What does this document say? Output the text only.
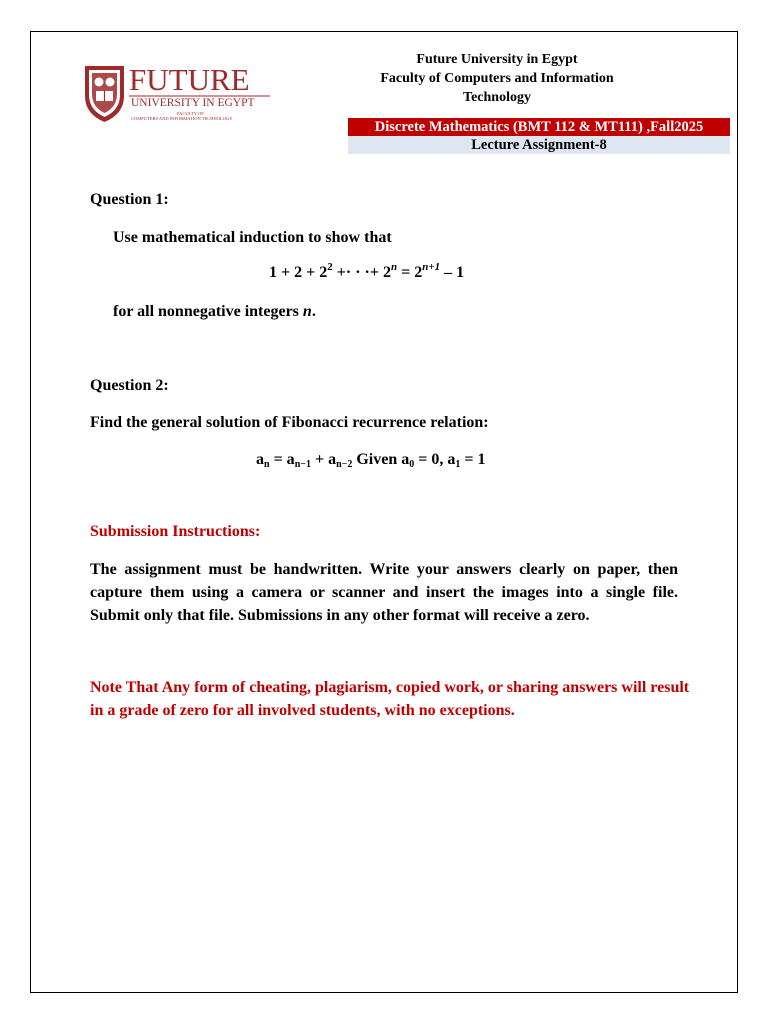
FUTURE
UNIVERSITY IN EGYPT
FACULTY OF
COMPUTERS AND INFORMATION TECHNOLOGY
Future University in Egypt
Faculty of Computers and Information
Technology
Discrete Mathematics (BMT 112 & MT111) ,Fall2025
Lecture Assignment-8
Question 1:
Use mathematical induction to show that
$1 + 2 + 2^2$ +· · ·+ $2^n = 2^{n+1} - 1$
for all nonnegative integers n.
Question 2:
Find the general solution of Fibonacci recurrence relation:
$a_n = a_{n-1} + a_{n-2}$ Given $a_0 = 0$, $a_1 = 1$
Submission Instructions:
The assignment must be handwritten. Write your answers clearly on paper, then capture them using a camera or scanner and insert the images into a single file. Submit only that file. Submissions in any other format will receive a zero.
Note That Any form of cheating, plagiarism, copied work, or sharing answers will result in a grade of zero for all involved students, with no exceptions.
